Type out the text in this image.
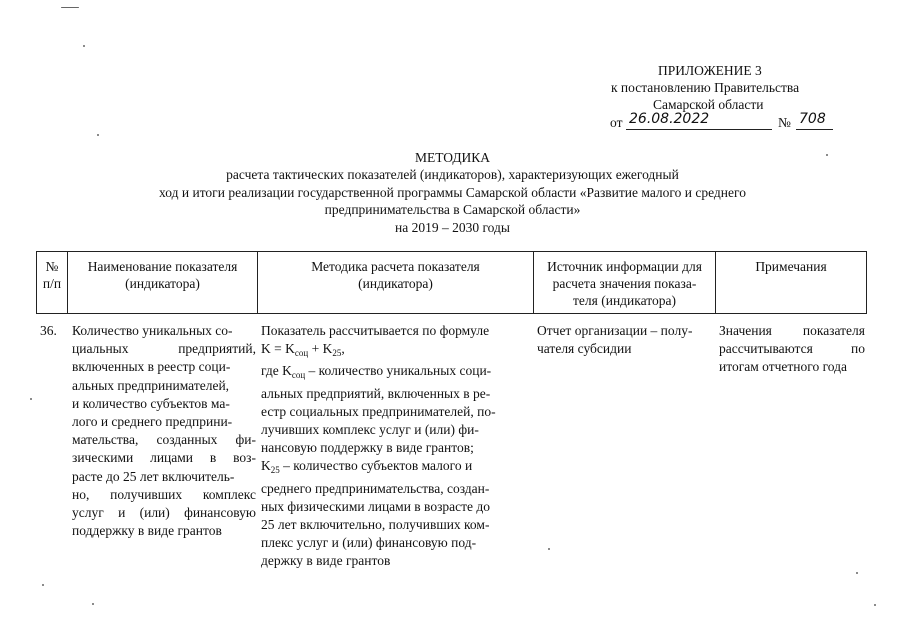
ПРИЛОЖЕНИЕ 3
к постановлению Правительства
Самарской области
от 26.08.2022	№ 708
МЕТОДИКА
расчета тактических показателей (индикаторов), характеризующих ежегодный
ход и итоги реализации государственной программы Самарской области «Развитие малого и среднего
предпринимательства в Самарской области»
на 2019 – 2030 годы
№
п/п
Наименование показателя
(индикатора)
Методика расчета показателя
(индикатора)
Источник информации для
расчета значения показа-
теля (индикатора)
Примечания
36. Количество уникальных со-
циальных предприятий,
включенных в реестр соци-
альных предпринимателей,
и количество субъектов ма-
лого и среднего предприни-
мательства, созданных фи-
зическими лицами в воз-
расте до 25 лет включитель-
но, получивших комплекс
услуг и (или) финансовую
поддержку в виде грантов
Показатель рассчитывается по формуле
$K = K_{соц} + K_{25}$,
где $K_{соц}$ – количество уникальных соци-
альных предприятий, включенных в ре-
естр социальных предпринимателей, по-
лучивших комплекс услуг и (или) фи-
нансовую поддержку в виде грантов;
$K_{25}$ – количество субъектов малого и
среднего предпринимательства, создан-
ных физическими лицами в возрасте до
25 лет включительно, получивших ком-
плекс услуг и (или) финансовую под-
держку в виде грантов
Отчет организации – полу-
чателя субсидии
Значения показателя
рассчитываются по
итогам отчетного года
